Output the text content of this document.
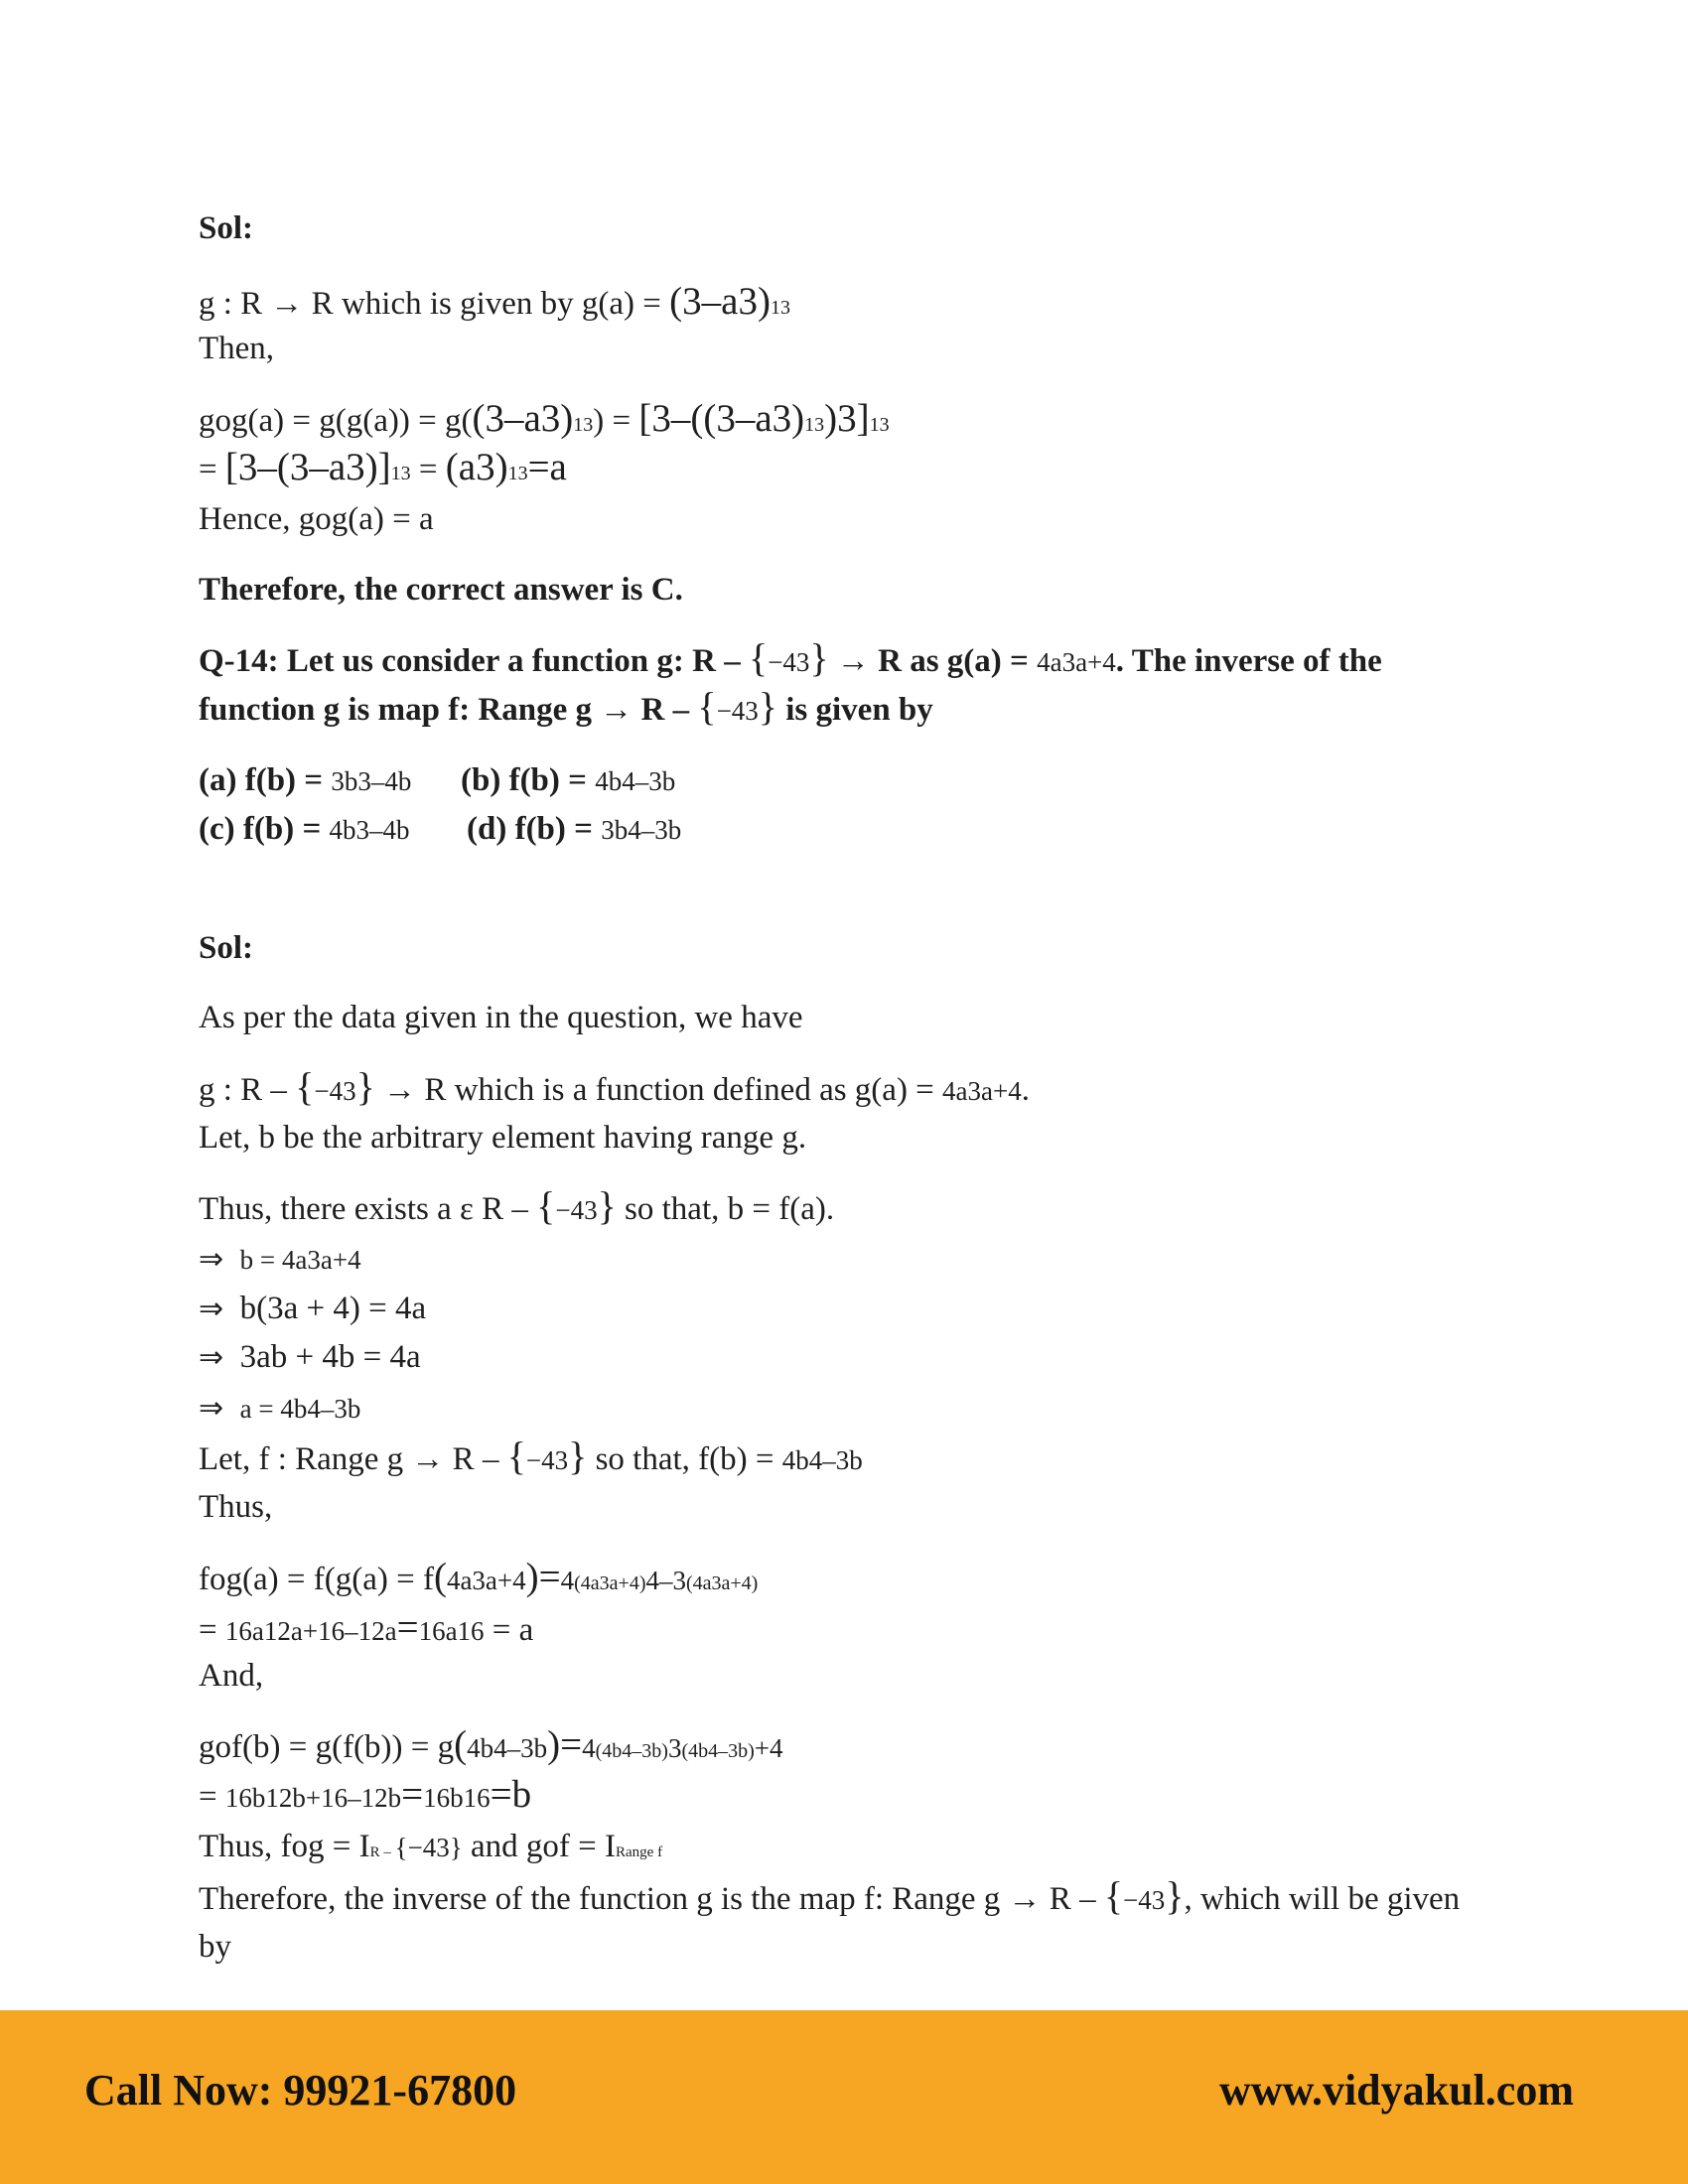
Sol:
g : R → R which is given by g(a) = (3–a3)13
Then,
gog(a) = g(g(a)) = g((3–a3)13) = [3–((3–a3)13)3]13
= [3–(3–a3)]13 = (a3)13=a
Hence, gog(a) = a
Therefore, the correct answer is C.
Q-14: Let us consider a function g: R – {−43} → R as g(a) = 4a3a+4. The inverse of the
function g is map f: Range g → R – {−43} is given by
(a) f(b) = 3b3–4b (b) f(b) = 4b4–3b
(c) f(b) = 4b3–4b (d) f(b) = 3b4–3b
Sol:
As per the data given in the question, we have
g : R – {−43} → R which is a function defined as g(a) = 4a3a+4.
Let, b be the arbitrary element having range g.
Thus, there exists a ε R – {−43} so that, b = f(a).
⇒ b = 4a3a+4
⇒ b(3a + 4) = 4a
⇒ 3ab + 4b = 4a
⇒ a = 4b4–3b
Let, f : Range g → R – {−43} so that, f(b) = 4b4–3b
Thus,
fog(a) = f(g(a) = f(4a3a+4)=4(4a3a+4)4–3(4a3a+4)
= 16a12a+16–12a=16a16 = a
And,
gof(b) = g(f(b)) = g(4b4–3b)=4(4b4–3b)3(4b4–3b)+4
= 16b12b+16–12b=16b16=b
Thus, fog = IR – {−43} and gof = IRange f
Therefore, the inverse of the function g is the map f: Range g → R – {−43}, which will be given
by
Call Now: 99921-67800	www.vidyakul.com
